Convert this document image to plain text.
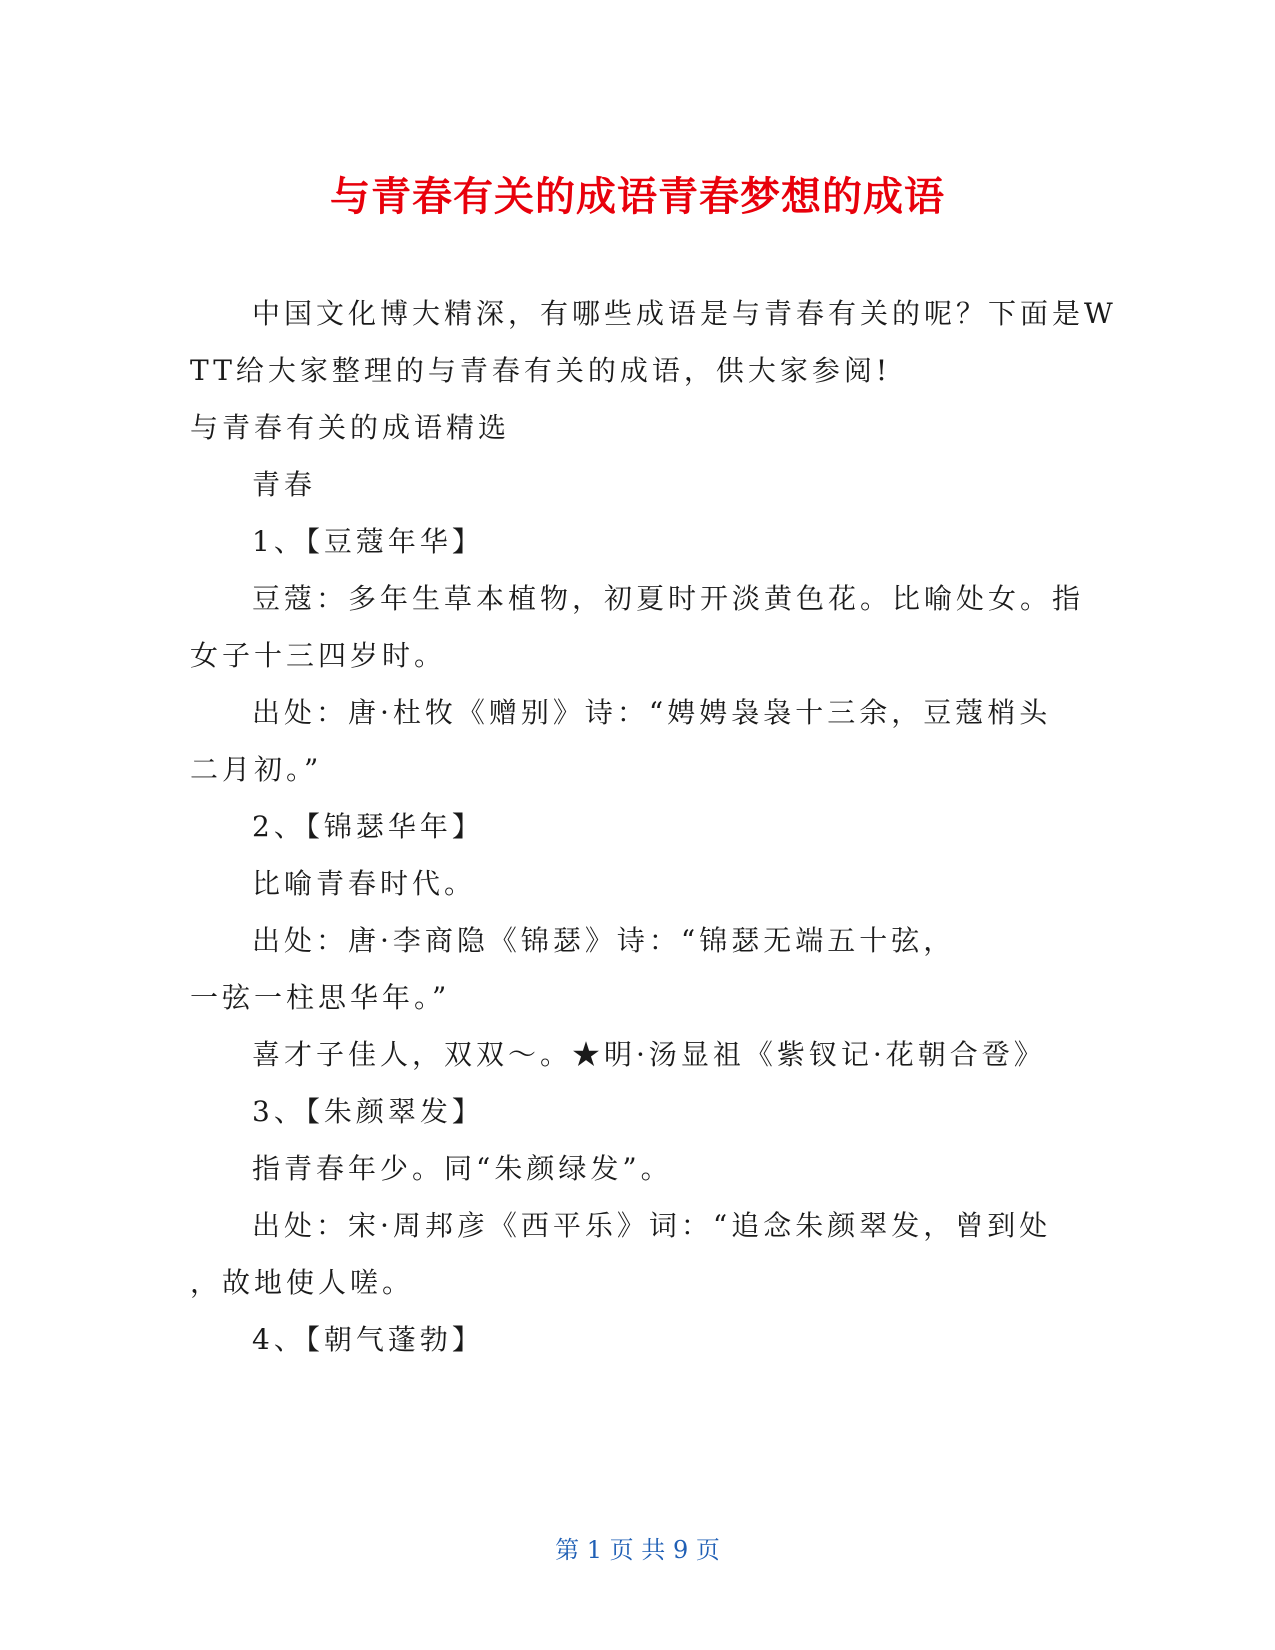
与青春有关的成语青春梦想的成语
中国文化博大精深，有哪些成语是与青春有关的呢？下面是W
TT给大家整理的与青春有关的成语，供大家参阅!
与青春有关的成语精选
青春
1、【豆蔻年华】
豆蔻：多年生草本植物，初夏时开淡黄色花。比喻处女。指
女子十三四岁时。
出处：唐·杜牧《赠别》诗：“娉娉袅袅十三余，豆蔻梢头
二月初。”
2、【锦瑟华年】
比喻青春时代。
出处：唐·李商隐《锦瑟》诗：“锦瑟无端五十弦，
一弦一柱思华年。”
喜才子佳人，双双～。★明·汤显祖《紫钗记·花朝合卺》
3、【朱颜翠发】
指青春年少。同“朱颜绿发”。
出处：宋·周邦彦《西平乐》词：“追念朱颜翠发，曾到处
，故地使人嗟。
4、【朝气蓬勃】
第 1 页 共 9 页
